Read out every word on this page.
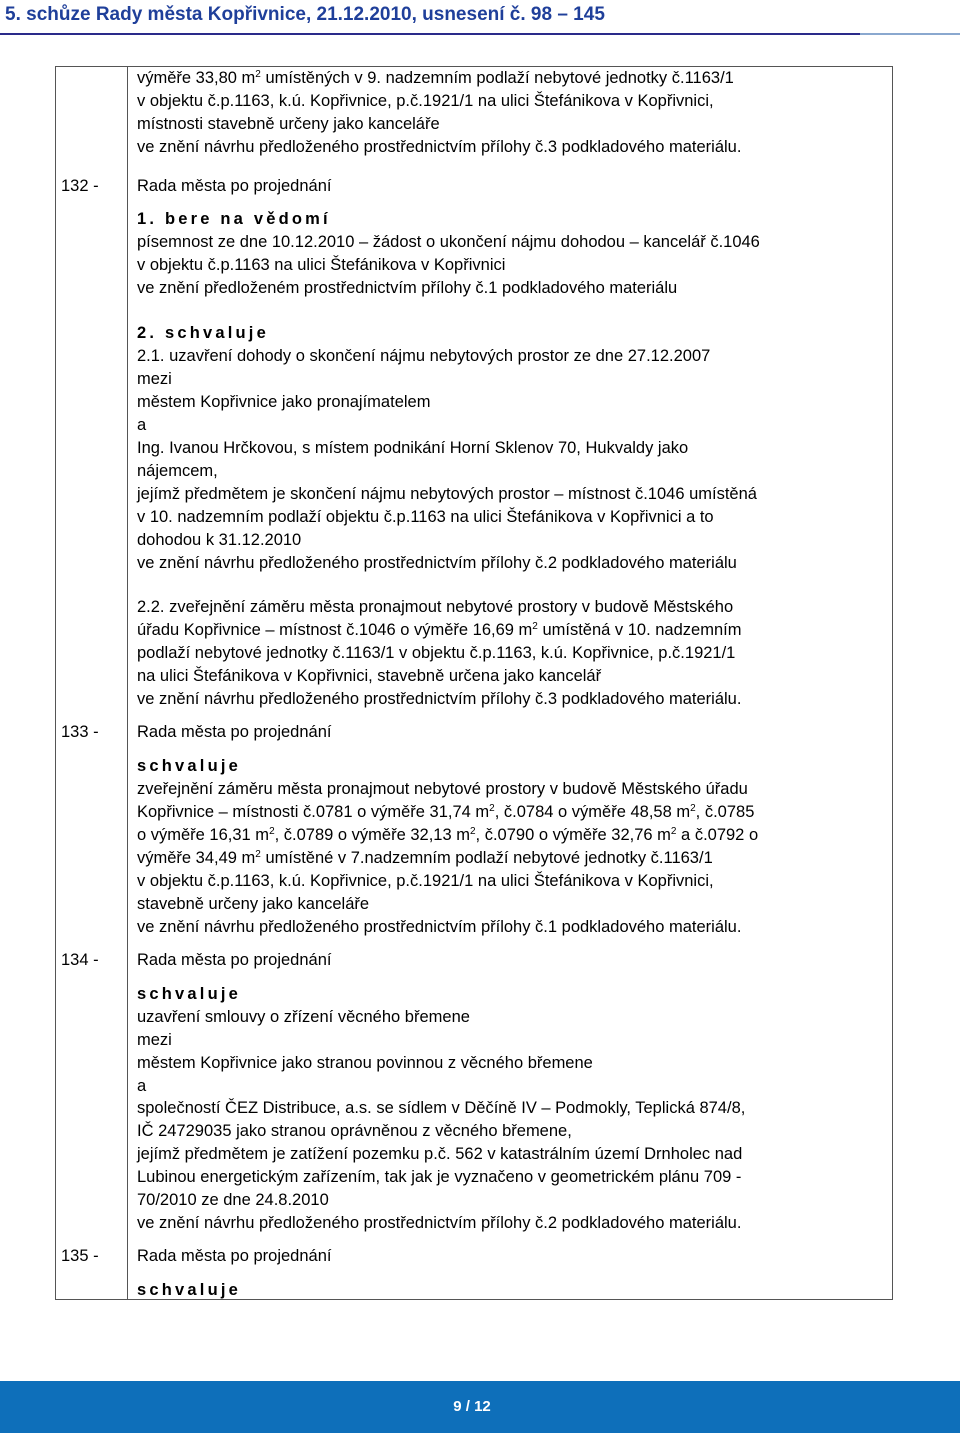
5. schůze Rady města Kopřivnice, 21.12.2010, usnesení č. 98 – 145
výměře 33,80 $m^2$ umístěných v 9. nadzemním podlaží nebytové jednotky č.1163/1
v objektu č.p.1163, k.ú. Kopřivnice, p.č.1921/1 na ulici Štefánikova v Kopřivnici,
místnosti stavebně určeny jako kanceláře
ve znění návrhu předloženého prostřednictvím přílohy č.3 podkladového materiálu.
132 - Rada města po projednání
1. bere na vědomí
písemnost ze dne 10.12.2010 – žádost o ukončení nájmu dohodou – kancelář č.1046
v objektu č.p.1163 na ulici Štefánikova v Kopřivnici
ve znění předloženém prostřednictvím přílohy č.1 podkladového materiálu
2. schvaluje
2.1. uzavření dohody o skončení nájmu nebytových prostor ze dne 27.12.2007
mezi
městem Kopřivnice jako pronajímatelem
a
Ing. Ivanou Hrčkovou, s místem podnikání Horní Sklenov 70, Hukvaldy jako
nájemcem,
jejímž předmětem je skončení nájmu nebytových prostor – místnost č.1046 umístěná
v 10. nadzemním podlaží objektu č.p.1163 na ulici Štefánikova v Kopřivnici a to
dohodou k 31.12.2010
ve znění návrhu předloženého prostřednictvím přílohy č.2 podkladového materiálu
2.2. zveřejnění záměru města pronajmout nebytové prostory v budově Městského
úřadu Kopřivnice – místnost č.1046 o výměře 16,69 $m^2$ umístěná v 10. nadzemním
podlaží nebytové jednotky č.1163/1 v objektu č.p.1163, k.ú. Kopřivnice, p.č.1921/1
na ulici Štefánikova v Kopřivnici, stavebně určena jako kancelář
ve znění návrhu předloženého prostřednictvím přílohy č.3 podkladového materiálu.
133 - Rada města po projednání
schvaluje
zveřejnění záměru města pronajmout nebytové prostory v budově Městského úřadu
Kopřivnice – místnosti č.0781 o výměře 31,74 $m^2$, č.0784 o výměře 48,58 $m^2$, č.0785
o výměře 16,31 $m^2$, č.0789 o výměře 32,13 $m^2$, č.0790 o výměře 32,76 $m^2$ a č.0792 o
výměře 34,49 $m^2$ umístěné v 7.nadzemním podlaží nebytové jednotky č.1163/1
v objektu č.p.1163, k.ú. Kopřivnice, p.č.1921/1 na ulici Štefánikova v Kopřivnici,
stavebně určeny jako kanceláře
ve znění návrhu předloženého prostřednictvím přílohy č.1 podkladového materiálu.
134 - Rada města po projednání
schvaluje
uzavření smlouvy o zřízení věcného břemene
mezi
městem Kopřivnice jako stranou povinnou z věcného břemene
a
společností ČEZ Distribuce, a.s. se sídlem v Děčíně IV – Podmokly, Teplická 874/8,
IČ 24729035 jako stranou oprávněnou z věcného břemene,
jejímž předmětem je zatížení pozemku p.č. 562 v katastrálním území Drnholec nad
Lubinou energetickým zařízením, tak jak je vyznačeno v geometrickém plánu 709 -
70/2010 ze dne 24.8.2010
ve znění návrhu předloženého prostřednictvím přílohy č.2 podkladového materiálu.
135 - Rada města po projednání
schvaluje
9 / 12
